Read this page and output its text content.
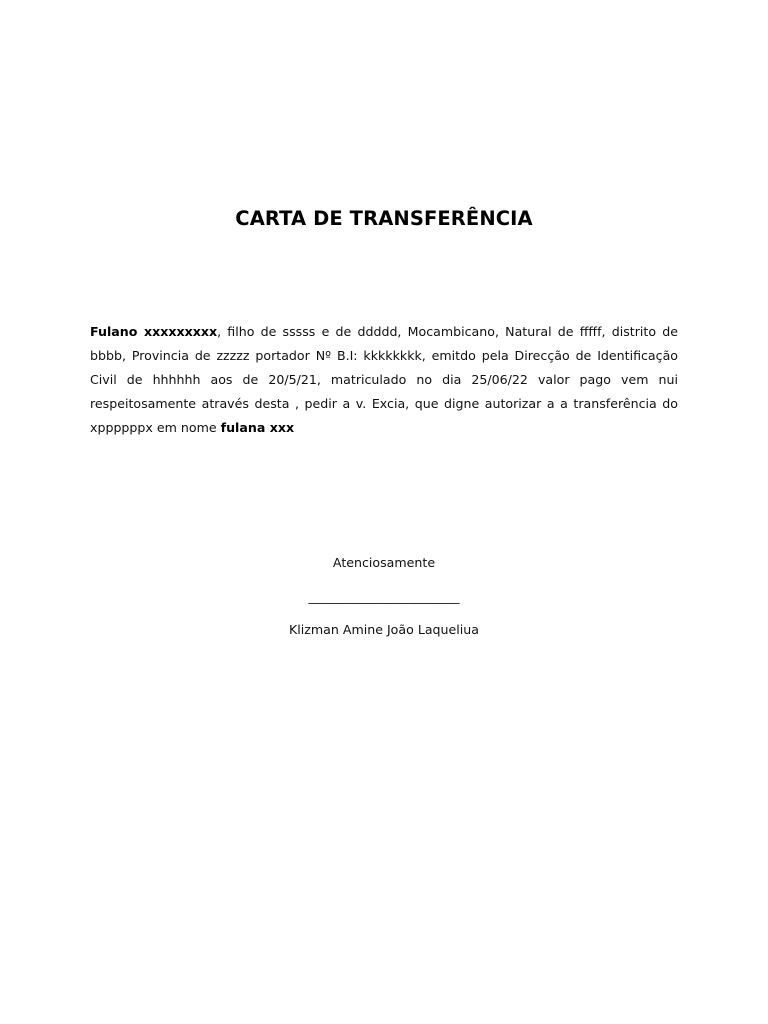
CARTA DE TRANSFERÊNCIA
Fulano xxxxxxxxx, filho de sssss e de ddddd, Mocambicano, Natural de fffff, distrito de bbbb, Provincia de zzzzz portador Nº B.I: kkkkkkkk, emitdo pela Direcção de Identificação Civil de hhhhhh aos de 20/5/21, matriculado no dia 25/06/22 valor pago vem nui respeitosamente através desta , pedir a v. Excia, que digne autorizar a a transferência do xppppppx em nome fulana xxx
Atenciosamente
________________________
Klizman Amine João Laqueliua
